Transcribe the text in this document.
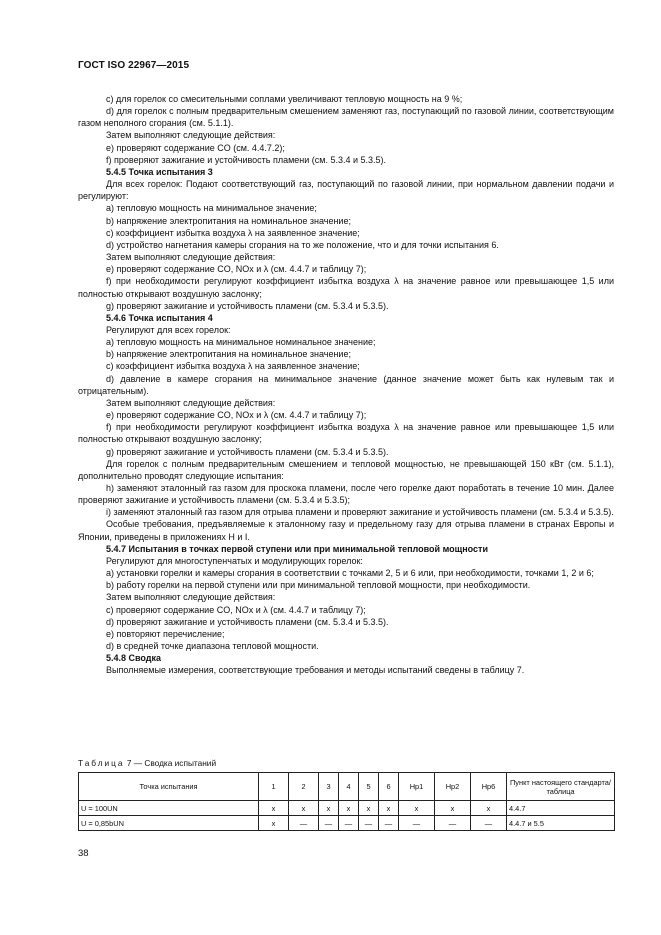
ГОСТ ISO 22967—2015

c) для горелок со смесительными соплами увеличивают тепловую мощность на 9 %;

d) для горелок с полным предварительным смешением заменяют газ, поступающий по газовой линии, соответствующим газом неполного сгорания (см. 5.1.1).

Затем выполняют следующие действия:

e) проверяют содержание CO (см. 4.4.7.2);

f) проверяют зажигание и устойчивость пламени (см. 5.3.4 и 5.3.5).

5.4.5 Точка испытания 3

Для всех горелок: Подают соответствующий газ, поступающий по газовой линии, при нормальном давлении подачи и регулируют:

a) тепловую мощность на минимальное значение;

b) напряжение электропитания на номинальное значение;

c) коэффициент избытка воздуха λ на заявленное значение;

d) устройство нагнетания камеры сгорания на то же положение, что и для точки испытания 6.

Затем выполняют следующие действия:

e) проверяют содержание CO, NOx и λ (см. 4.4.7 и таблицу 7);

f) при необходимости регулируют коэффициент избытка воздуха λ на значение равное или превышающее 1,5 или полностью открывают воздушную заслонку;

g) проверяют зажигание и устойчивость пламени (см. 5.3.4 и 5.3.5).

5.4.6 Точка испытания 4

Регулируют для всех горелок:

a) тепловую мощность на минимальное номинальное значение;

b) напряжение электропитания на номинальное значение;

c) коэффициент избытка воздуха λ на заявленное значение;

d) давление в камере сгорания на минимальное значение (данное значение может быть как нулевым так и отрицательным).

Затем выполняют следующие действия:

e) проверяют содержание CO, NOx и λ (см. 4.4.7 и таблицу 7);

f) при необходимости регулируют коэффициент избытка воздуха λ на значение равное или превышающее 1,5 или полностью открывают воздушную заслонку;

g) проверяют зажигание и устойчивость пламени (см. 5.3.4 и 5.3.5).

Для горелок с полным предварительным смешением и тепловой мощностью, не превышающей 150 кВт (см. 5.1.1), дополнительно проводят следующие испытания:

h) заменяют эталонный газ газом для проскока пламени, после чего горелке дают поработать в течение 10 мин. Далее проверяют зажигание и устойчивость пламени (см. 5.3.4 и 5.3.5);

i) заменяют эталонный газ газом для отрыва пламени и проверяют зажигание и устойчивость пламени (см. 5.3.4 и 5.3.5).

Особые требования, предъявляемые к эталонному газу и предельному газу для отрыва пламени в странах Европы и Японии, приведены в приложениях H и I.

5.4.7 Испытания в точках первой ступени или при минимальной тепловой мощности

Регулируют для многоступенчатых и модулирующих горелок:

a) установки горелки и камеры сгорания в соответствии с точками 2, 5 и 6 или, при необходимости, точками 1, 2 и 6;

b) работу горелки на первой ступени или при минимальной тепловой мощности, при необходимости.

Затем выполняют следующие действия:

c) проверяют содержание CO, NOx и λ (см. 4.4.7 и таблицу 7);

d) проверяют зажигание и устойчивость пламени (см. 5.3.4 и 5.3.5).

e) повторяют перечисление;

d) в средней точке диапазона тепловой мощности.

5.4.8 Сводка

Выполняемые измерения, соответствующие требования и методы испытаний сведены в таблицу 7.

Таблица 7 — Сводка испытаний
Точка испытания	1	2	3	4	5	6	Hp1	Hp2	Hp6	Пункт настоящего стандарта/таблица
U = 100UN	x	x	x	x	x	x	x	x	x	4.4.7
U = 0,85bUN	x	—	—	—	—	—	—	—	—	4.4.7 и 5.5
38
